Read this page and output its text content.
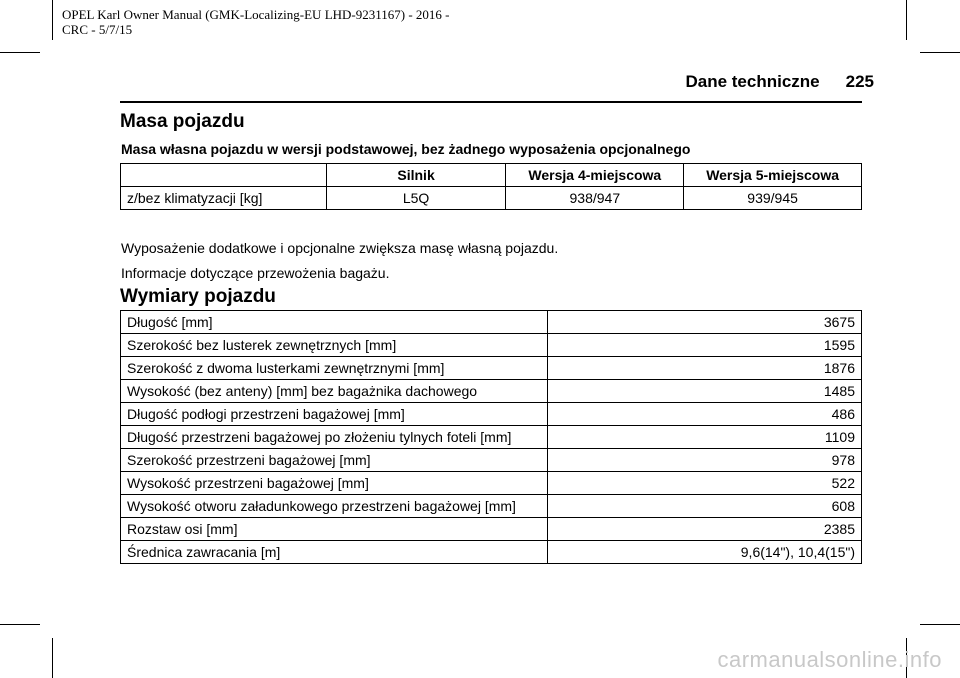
OPEL Karl Owner Manual (GMK-Localizing-EU LHD-9231167) - 2016 -
CRC - 5/7/15
Dane techniczne 225
Masa pojazdu

Masa własna pojazdu w wersji podstawowej, bez żadnego wyposażenia opcjonalnego

	Silnik	Wersja 4-miejscowa	Wersja 5-miejscowa
z/bez klimatyzacji [kg]	L5Q	938/947	939/945

Wyposażenie dodatkowe i opcjonalne zwiększa masę własną pojazdu.

Informacje dotyczące przewożenia bagażu.

Wymiary pojazdu
Długość [mm]	3675
Szerokość bez lusterek zewnętrznych [mm]	1595
Szerokość z dwoma lusterkami zewnętrznymi [mm]	1876
Wysokość (bez anteny) [mm] bez bagażnika dachowego	1485
Długość podłogi przestrzeni bagażowej [mm]	486
Długość przestrzeni bagażowej po złożeniu tylnych foteli [mm]	1109
Szerokość przestrzeni bagażowej [mm]	978
Wysokość przestrzeni bagażowej [mm]	522
Wysokość otworu załadunkowego przestrzeni bagażowej [mm]	608
Rozstaw osi [mm]	2385
Średnica zawracania [m]	9,6(14"), 10,4(15")
carmanualsonline.info
